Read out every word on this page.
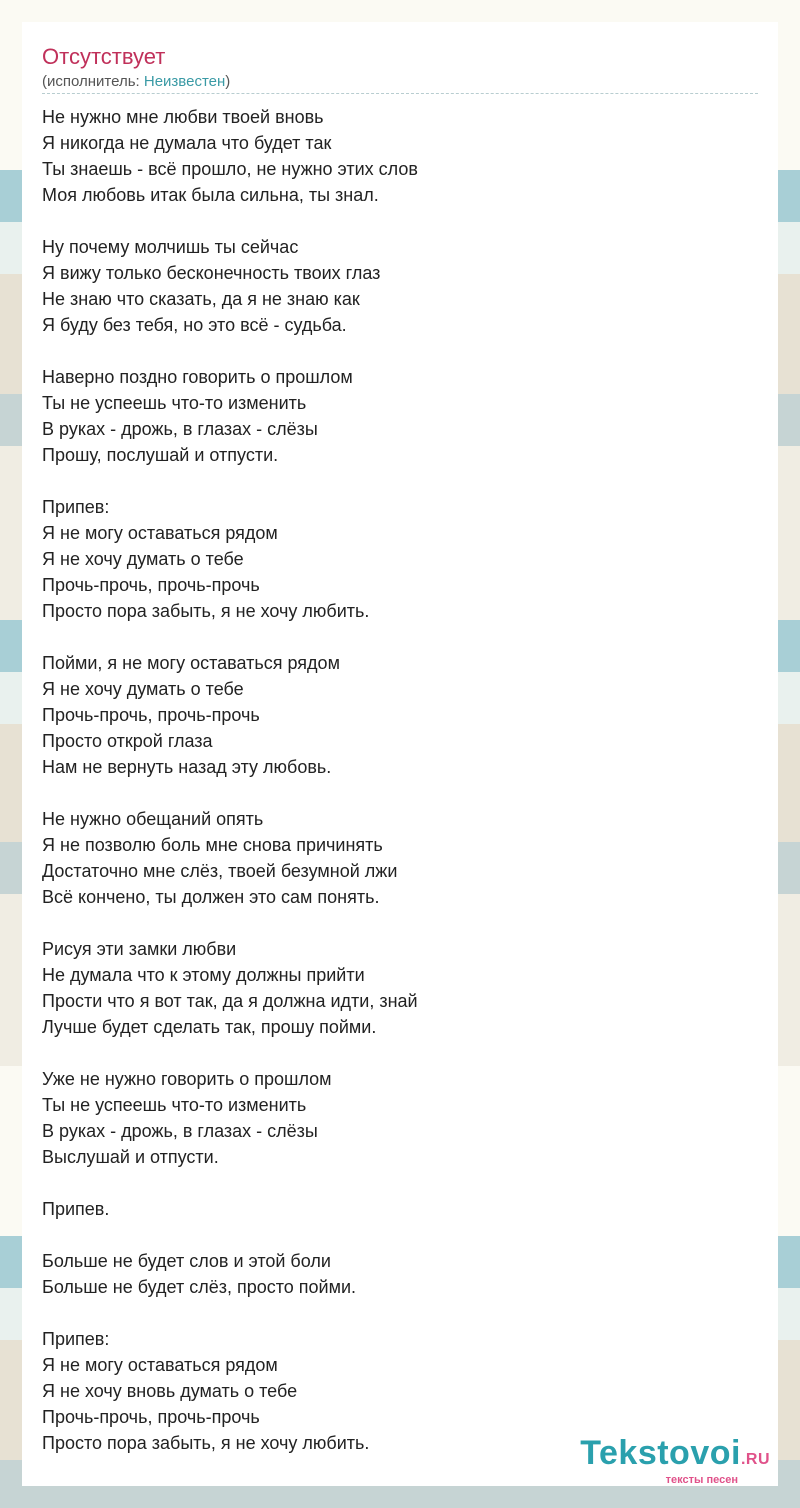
Отсутствует
(исполнитель: Неизвестен)
Не нужно мне любви твоей вновь
Я никогда не думала что будет так
Ты знаешь - всё прошло, не нужно этих слов
Моя любовь итак была сильна, ты знал.
Ну почему молчишь ты сейчас
Я вижу только бесконечность твоих глаз
Не знаю что сказать, да я не знаю как
Я буду без тебя, но это всё - судьба.
Наверно поздно говорить о прошлом
Ты не успеешь что-то изменить
В руках - дрожь, в глазах - слёзы
Прошу, послушай и отпусти.
Припев:
Я не могу оставаться рядом
Я не хочу думать о тебе
Прочь-прочь, прочь-прочь
Просто пора забыть, я не хочу любить.
Пойми, я не могу оставаться рядом
Я не хочу думать о тебе
Прочь-прочь, прочь-прочь
Просто открой глаза
Нам не вернуть назад эту любовь.
Не нужно обещаний опять
Я не позволю боль мне снова причинять
Достаточно мне слёз, твоей безумной лжи
Всё кончено, ты должен это сам понять.
Рисуя эти замки любви
Не думала что к этому должны прийти
Прости что я вот так, да я должна идти, знай
Лучше будет сделать так, прошу пойми.
Уже не нужно говорить о прошлом
Ты не успеешь что-то изменить
В руках - дрожь, в глазах - слёзы
Выслушай и отпусти.
Припев.
Больше не будет слов и этой боли
Больше не будет слёз, просто пойми.
Припев:
Я не могу оставаться рядом
Я не хочу вновь думать о тебе
Прочь-прочь, прочь-прочь
Просто пора забыть, я не хочу любить.	Tekstovoi.RU
тексты песен
